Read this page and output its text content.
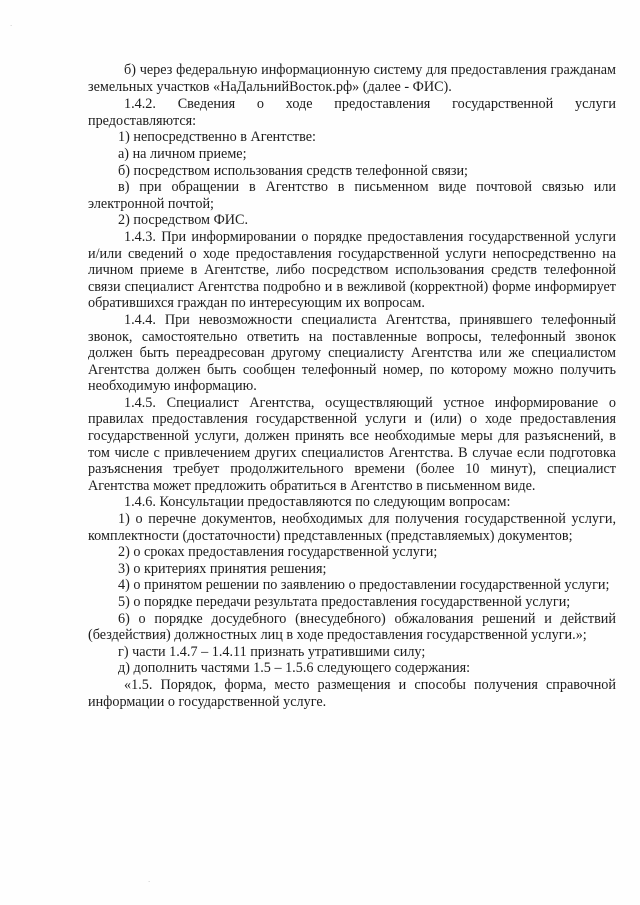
·
·

б) через федеральную информационную систему для предоставления гражданам земельных участков «НаДальнийВосток.рф» (далее - ФИС).

1.4.2. Сведения о ходе предоставления государственной услуги предоставляются:

1) непосредственно в Агентстве:

а) на личном приеме;

б) посредством использования средств телефонной связи;

в) при обращении в Агентство в письменном виде почтовой связью или электронной почтой;

2) посредством ФИС.

1.4.3. При информировании о порядке предоставления государственной услуги и/или сведений о ходе предоставления государственной услуги непосредственно на личном приеме в Агентстве, либо посредством использования средств телефонной связи специалист Агентства подробно и в вежливой (корректной) форме информирует обратившихся граждан по интересующим их вопросам.

1.4.4. При невозможности специалиста Агентства, принявшего телефонный звонок, самостоятельно ответить на поставленные вопросы, телефонный звонок должен быть переадресован другому специалисту Агентства или же специалистом Агентства должен быть сообщен телефонный номер, по которому можно получить необходимую информацию.

1.4.5. Специалист Агентства, осуществляющий устное информирование о правилах предоставления государственной услуги и (или) о ходе предоставления государственной услуги, должен принять все необходимые меры для разъяснений, в том числе с привлечением других специалистов Агентства. В случае если подготовка разъяснения требует продолжительного времени (более 10 минут), специалист Агентства может предложить обратиться в Агентство в письменном виде.

1.4.6. Консультации предоставляются по следующим вопросам:

1) о перечне документов, необходимых для получения государственной услуги, комплектности (достаточности) представленных (представляемых) документов;

2) о сроках предоставления государственной услуги;

3) о критериях принятия решения;

4) о принятом решении по заявлению о предоставлении государственной услуги;

5) о порядке передачи результата предоставления государственной услуги;

6) о порядке досудебного (внесудебного) обжалования решений и действий (бездействия) должностных лиц в ходе предоставления государственной услуги.»;

г) части 1.4.7 – 1.4.11 признать утратившими силу;

д) дополнить частями 1.5 – 1.5.6 следующего содержания:

«1.5. Порядок, форма, место размещения и способы получения справочной информации о государственной услуге.
